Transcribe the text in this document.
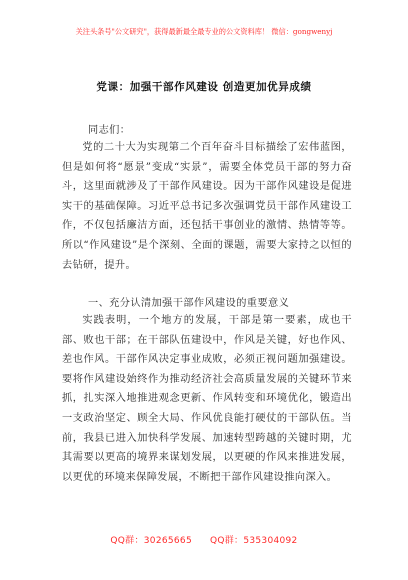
关注头条号"公文研究"，获得最新最全最专业的公文资料库！ 微信：gongwenyj
党课：加强干部作风建设 创造更加优异成绩
同志们：

党的二十大为实现第二个百年奋斗目标描绘了宏伟蓝图，但是如何将“愿景”变成“实景”，需要全体党员干部的努力奋斗，这里面就涉及了干部作风建设。因为干部作风建设是促进实干的基础保障。习近平总书记多次强调党员干部作风建设工作，不仅包括廉洁方面，还包括干事创业的激情、热情等等。所以“作风建设”是个深刻、全面的课题，需要大家持之以恒的去钻研，提升。

一、充分认清加强干部作风建设的重要意义

实践表明，一个地方的发展，干部是第一要素，成也干部、败也干部；在干部队伍建设中，作风是关键，好也作风、差也作风。干部作风决定事业成败，必须正视问题加强建设。要将作风建设始终作为推动经济社会高质量发展的关键环节来抓，扎实深入地推进观念更新、作风转变和环境优化，锻造出一支政治坚定、顾全大局、作风优良能打硬仗的干部队伍。当前，我县已进入加快科学发展、加速转型跨越的关键时期，尤其需要以更高的境界来谋划发展，以更硬的作风来推进发展，以更优的环境来保障发展，不断把干部作风建设推向深入。

QQ群：30265665 QQ群：535304092
